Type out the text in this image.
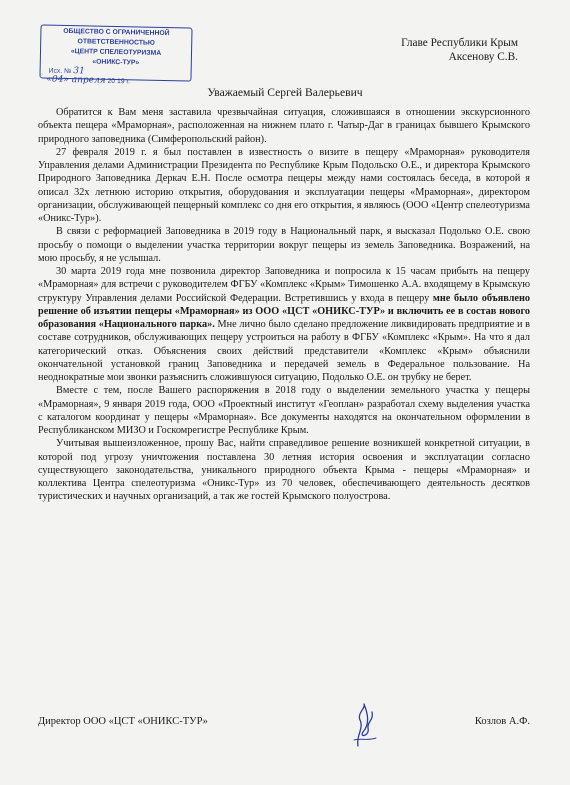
ОБЩЕСТВО С ОГРАНИЧЕННОЙ
ОТВЕТСТВЕННОСТЬЮ
«ЦЕНТР СПЕЛЕОТУРИЗМА
«ОНИКС-ТУР»
Исх. № 31
«04» апреля 20 19 г.
Главе Республики Крым
Аксенову С.В.
Уважаемый Сергей Валерьевич

Обратится к Вам меня заставила чрезвычайная ситуация, сложившаяся в отношении экскурсионного объекта пещера «Мраморная», расположенная на нижнем плато г. Чатыр-Даг в границах бывшего Крымского природного заповедника (Симферопольский район).

27 февраля 2019 г. я был поставлен в известность о визите в пещеру «Мраморная» руководителя Управления делами Администрации Президента по Республике Крым Подольско О.Е., и директора Крымского Природного Заповедника Деркач Е.Н. После осмотра пещеры между нами состоялась беседа, в которой я описал 32х летнюю историю открытия, оборудования и эксплуатации пещеры «Мраморная», директором организации, обслуживающей пещерный комплекс со дня его открытия, я являюсь (ООО «Центр спелеотуризма «Оникс-Тур»).

В связи с реформацией Заповедника в 2019 году в Национальный парк, я высказал Подолько О.Е. свою просьбу о помощи о выделении участка территории вокруг пещеры из земель Заповедника. Возражений, на мою просьбу, я не услышал.

30 марта 2019 года мне позвонила директор Заповедника и попросила к 15 часам прибыть на пещеру «Мраморная» для встречи с руководителем ФГБУ «Комплекс «Крым» Тимошенко А.А. входящему в Крымскую структуру Управления делами Российской Федерации. Встретившись у входа в пещеру мне было объявлено решение об изъятии пещеры «Мраморная» из ООО «ЦСТ «ОНИКС-ТУР» и включить ее в состав нового образования «Национального парка». Мне лично было сделано предложение ликвидировать предприятие и в составе сотрудников, обслуживающих пещеру устроиться на работу в ФГБУ «Комплекс «Крым». На что я дал категорический отказ. Объяснения своих действий представители «Комплекс «Крым» объяснили окончательной установкой границ Заповедника и передачей земель в Федеральное пользование. На неоднократные мои звонки разъяснить сложившуюся ситуацию, Подолько О.Е. он трубку не берет.

Вместе с тем, после Вашего распоряжения в 2018 году о выделении земельного участка у пещеры «Мраморная», 9 января 2019 года, ООО «Проектный институт «Геоплан» разработал схему выделения участка с каталогом координат у пещеры «Мраморная». Все документы находятся на окончательном оформлении в Республиканском МИЗО и Госкомрегистре Республике Крым.

Учитывая вышеизложенное, прошу Вас, найти справедливое решение возникшей конкретной ситуации, в которой под угрозу уничтожения поставлена 30 летняя история освоения и эксплуатации согласно существующего законодательства, уникального природного объекта Крыма - пещеры «Мраморная» и коллектива Центра спелеотуризма «Оникс-Тур» из 70 человек, обеспечивающего деятельность десятков туристических и научных организаций, а так же гостей Крымского полуострова.

Директор ООО «ЦСТ «ОНИКС-ТУР»	Козлов А.Ф.
